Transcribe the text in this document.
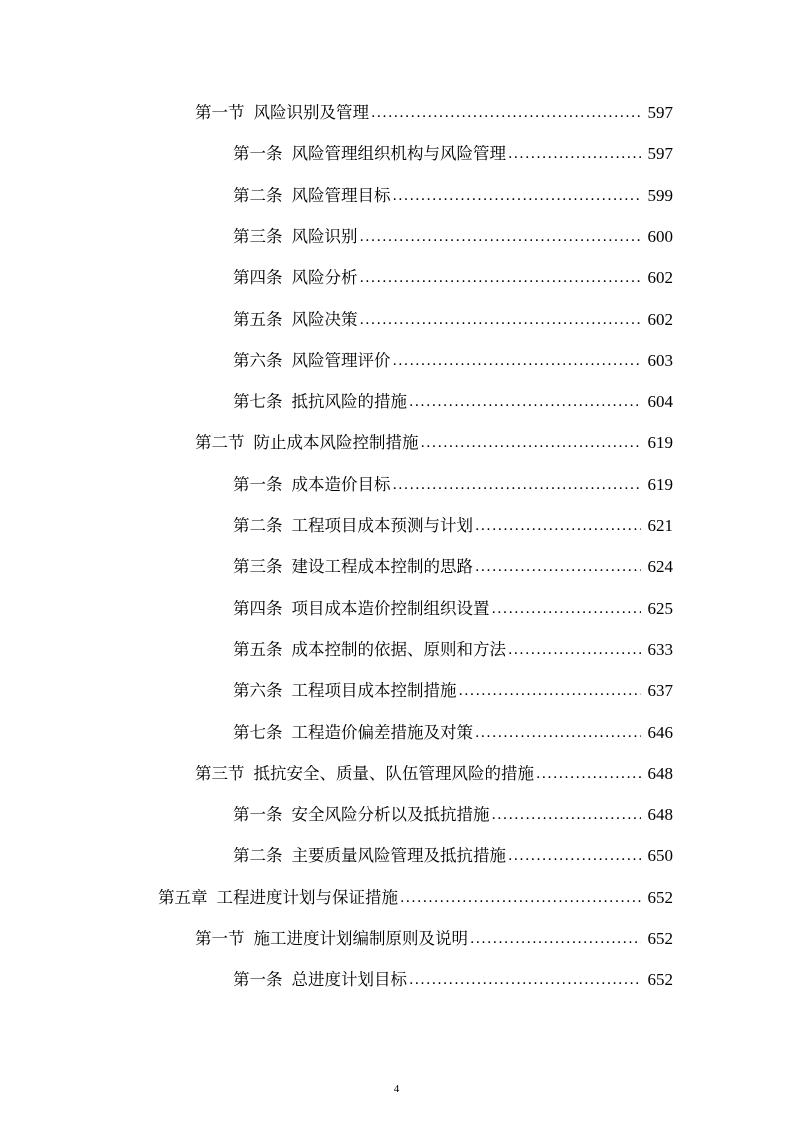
第一节 风险识别及管理 .....	597
第一条 风险管理组织机构与风险管理 .....	597
第二条 风险管理目标 .....	599
第三条 风险识别 .....	600
第四条 风险分析 .....	602
第五条 风险决策 .....	602
第六条 风险管理评价 .....	603
第七条 抵抗风险的措施 .....	604
第二节 防止成本风险控制措施 .....	619
第一条 成本造价目标 .....	619
第二条 工程项目成本预测与计划 .....	621
第三条 建设工程成本控制的思路 .....	624
第四条 项目成本造价控制组织设置 .....	625
第五条 成本控制的依据、原则和方法 .....	633
第六条 工程项目成本控制措施 .....	637
第七条 工程造价偏差措施及对策 .....	646
第三节 抵抗安全、质量、队伍管理风险的措施 .....	648
第一条 安全风险分析以及抵抗措施 .....	648
第二条 主要质量风险管理及抵抗措施 .....	650
第五章 工程进度计划与保证措施 .....	652
第一节 施工进度计划编制原则及说明 .....	652
第一条 总进度计划目标 .....	652
4
